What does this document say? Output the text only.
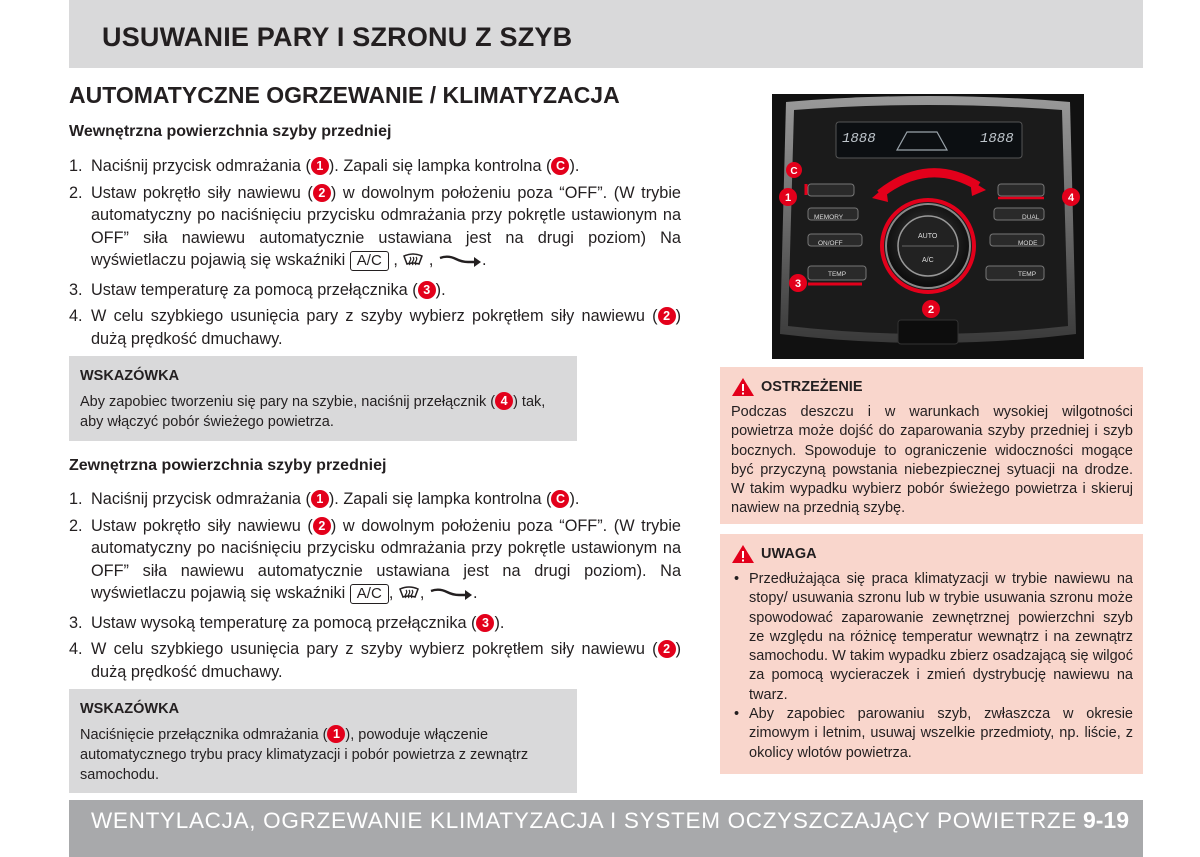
USUWANIE PARY I SZRONU Z SZYB
AUTOMATYCZNE OGRZEWANIE / KLIMATYZACJA
Wewnętrzna powierzchnia szyby przedniej
1. Naciśnij przycisk odmrażania ( 1 ). Zapali się lampka kontrolna ( C ).
2. Ustaw pokrętło siły nawiewu ( 2 ) w dowolnym położeniu poza “OFF”. (W trybie automatyczny po naciśnięciu przycisku odmrażania przy pokrętle ustawionym na OFF” siła nawiewu automatycznie ustawiana jest na drugi poziom) Na wyświetlaczu pojawią się wskaźniki A/C ,  ,	.
3. Ustaw temperaturę za pomocą przełącznika ( 3 ).
4. W celu szybkiego usunięcia pary z szyby wybierz pokrętłem siły nawiewu ( 2 ) dużą prędkość dmuchawy.

WSKAZÓWKA

Aby zapobiec tworzeniu się pary na szybie, naciśnij przełącznik ( 4 ) tak, aby włączyć pobór świeżego powietrza.

Zewnętrzna powierzchnia szyby przedniej
1. Naciśnij przycisk odmrażania ( 1 ). Zapali się lampka kontrolna ( C ).
2. Ustaw pokrętło siły nawiewu ( 2 ) w dowolnym położeniu poza “OFF”. (W trybie automatyczny po naciśnięciu przycisku odmrażania przy pokrętle ustawionym na OFF” siła nawiewu automatycznie ustawiana jest na drugi poziom). Na wyświetlaczu pojawią się wskaźniki A/C , ,	.
3. Ustaw wysoką temperaturę za pomocą przełącznika ( 3 ).
4. W celu szybkiego usunięcia pary z szyby wybierz pokrętłem siły nawiewu ( 2 ) dużą prędkość dmuchawy.

WSKAZÓWKA

Naciśnięcie przełącznika odmrażania ( 1 ), powoduje włączenie automatycznego trybu pracy klimatyzacji i pobór powietrza z zewnątrz samochodu.

1888	1888
MEMORY
ON/OFF
TEMP
DUAL
MODE
TEMP
AUTO
A/C
C
1	4
3
2
OSTRZEŻENIE

Podczas deszczu i w warunkach wysokiej wilgotności powietrza może dojść do zaparowania szyby przedniej i szyb bocznych. Spowoduje to ograniczenie widoczności mogące być przyczyną powstania niebezpiecznej sytuacji na drodze. W takim wypadku wybierz pobór świeżego powietrza i skieruj nawiew na przednią szybę.

UWAGA
• Przedłużająca się praca klimatyzacji w trybie nawiewu na stopy/ usuwania szronu lub w trybie usuwania szronu może spowodować zaparowanie zewnętrznej powierzchni szyb ze względu na różnicę temperatur wewnątrz i na zewnątrz samochodu. W takim wypadku zbierz osadzającą się wilgoć za pomocą wycieraczek i zmień dystrybucję nawiewu na twarz.
• Aby zapobiec parowaniu szyb, zwłaszcza w okresie zimowym i letnim, usuwaj wszelkie przedmioty, np. liście, z okolicy wlotów powietrza.
WENTYLACJA, OGRZEWANIE KLIMATYZACJA I SYSTEM OCZYSZCZAJĄCY POWIETRZE 9-19
